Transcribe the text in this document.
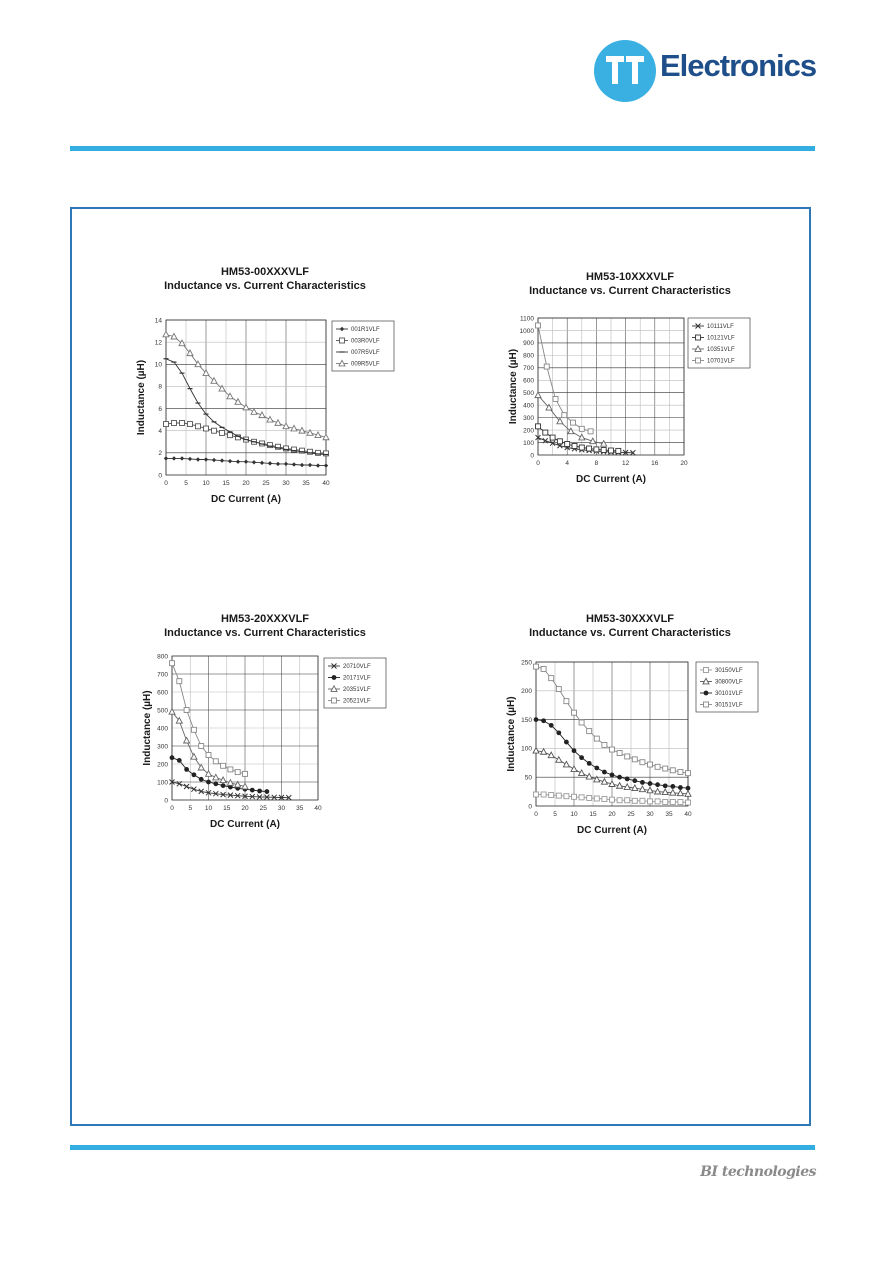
Electronics
HM53-00XXXVLF
Inductance vs. Current Characteristics
0	5 10 15 20 25 30 35 40
0
2
4
6
8
10
12
14
DC Current (A)
Inductance (µH)
001R1VLF
003R0VLF
007R5VLF
009R5VLF
HM53-10XXXVLF
Inductance vs. Current Characteristics
0	4	8	12	16	20
0
100
200
300
400
500
600
700
800
900
1000
1100
DC Current (A)
Inductance (µH)
10111VLF
10121VLF
10351VLF
10701VLF
HM53-20XXXVLF
Inductance vs. Current Characteristics
0 5 10 15 20 25 30 35 40
0
100
200
300
400
500
600
700
800
DC Current (A)
Inductance (µH)
20710VLF
20171VLF
20351VLF
20521VLF
HM53-30XXXVLF
Inductance vs. Current Characteristics
0 5 10 15 20 25 30 35 40
0
50
100
150
200
250
DC Current (A)
Inductance (µH)
30150VLF
30800VLF
30101VLF
30151VLF
BI technologies
